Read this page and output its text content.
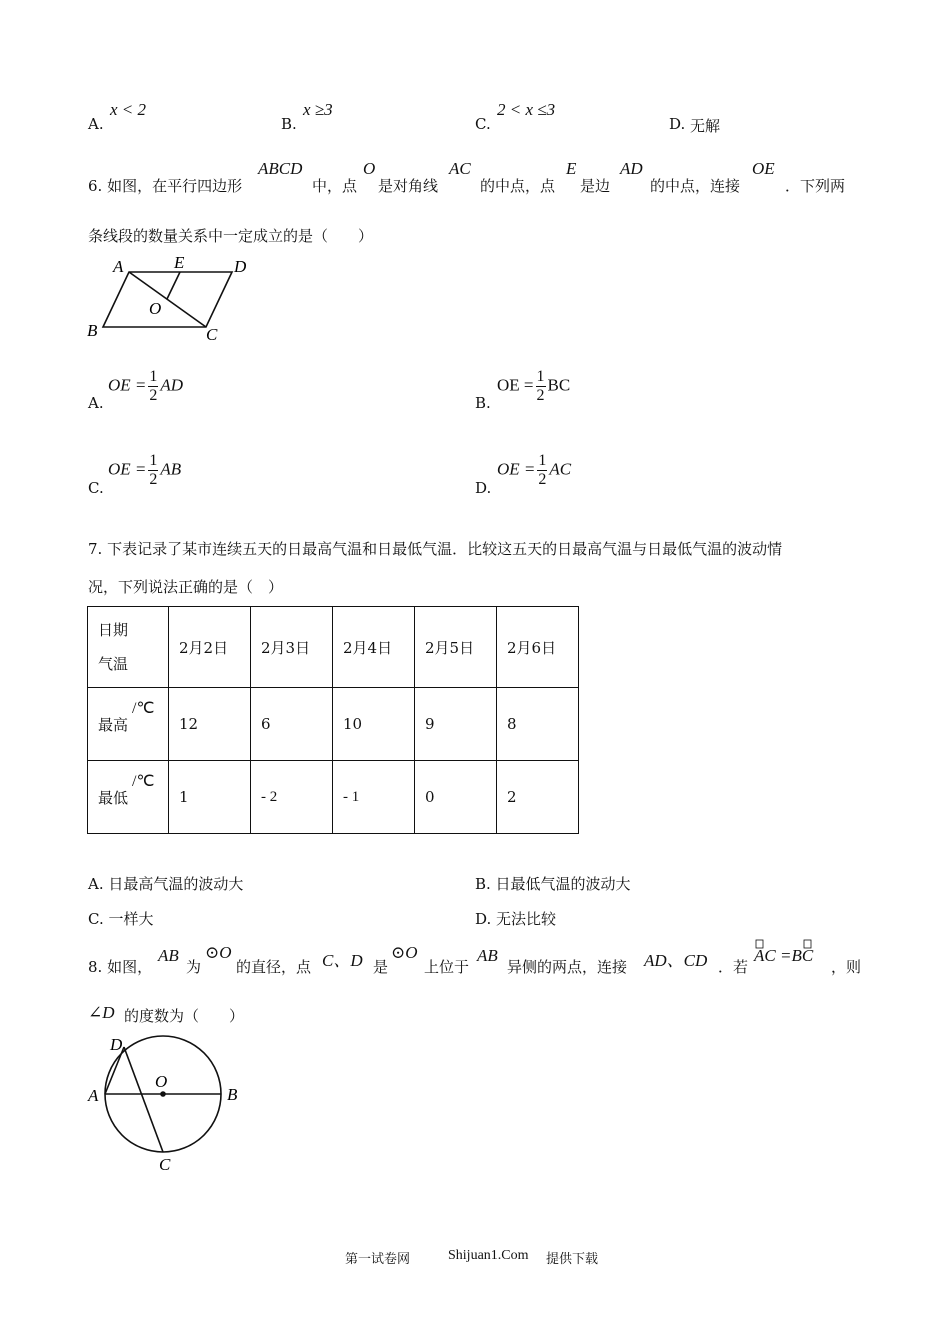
A.
x < 2
B.
x ≥3
C.
2 < x ≤3
D. 无解
6. 如图，在平行四边形
ABCD
中，点
O
是对角线
AC
的中点，点
E
是边
AD
的中点，连接
OE
．下列两
条线段的数量关系中一定成立的是（　　）
A	E	D
O
B	C
A.
OE = $\frac{1}{2}$ AD
B.
OE = $\frac{1}{2}$ BC
C.
OE = $\frac{1}{2}$ AB
D.
OE = $\frac{1}{2}$ AC
7. 下表记录了某市连续五天的日最高气温和日最低气温．比较这五天的日最高气温与日最低气温的波动情
况，下列说法正确的是（　）
日期
气温	2月2日	2月3日	2月4日	2月5日	2月6日
最高
/℃	12	6	10	9	8
最低
/℃	1	- 2	- 1	0	2
A. 日最高气温的波动大	B. 日最低气温的波动大
C. 一样大	D. 无法比较
8. 如图，
AB
为
⊙O
的直径，点 C、D 是
⊙O
上位于
AB
异侧的两点，连接 AD、CD ．若
AC =BC
，则
∠D 的度数为（　　）
D
O
A	B
C
第一试卷网	Shijuan1.Com 提供下载
